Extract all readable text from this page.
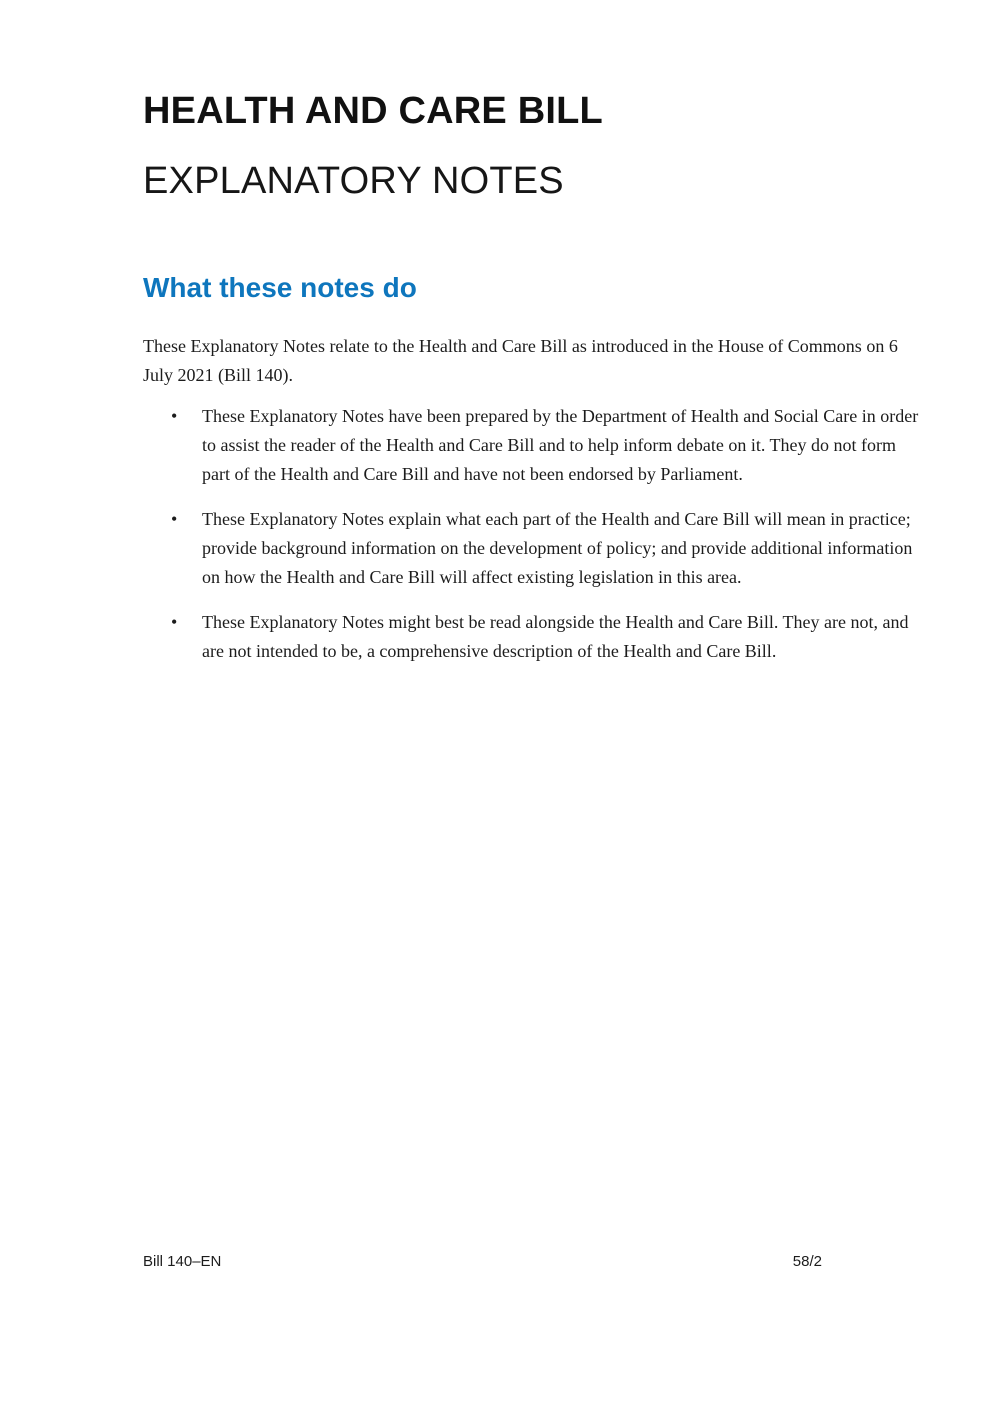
HEALTH AND CARE BILL
EXPLANATORY NOTES
What these notes do

These Explanatory Notes relate to the Health and Care Bill as introduced in the House of Commons on 6 July 2021 (Bill 140).

•
These Explanatory Notes have been prepared by the Department of Health and Social Care in order to assist the reader of the Health and Care Bill and to help inform debate on it. They do not form part of the Health and Care Bill and have not been endorsed by Parliament.
•
These Explanatory Notes explain what each part of the Health and Care Bill will mean in practice; provide background information on the development of policy; and provide additional information on how the Health and Care Bill will affect existing legislation in this area.
•
These Explanatory Notes might best be read alongside the Health and Care Bill. They are not, and are not intended to be, a comprehensive description of the Health and Care Bill.
Bill 140–EN	58/2
